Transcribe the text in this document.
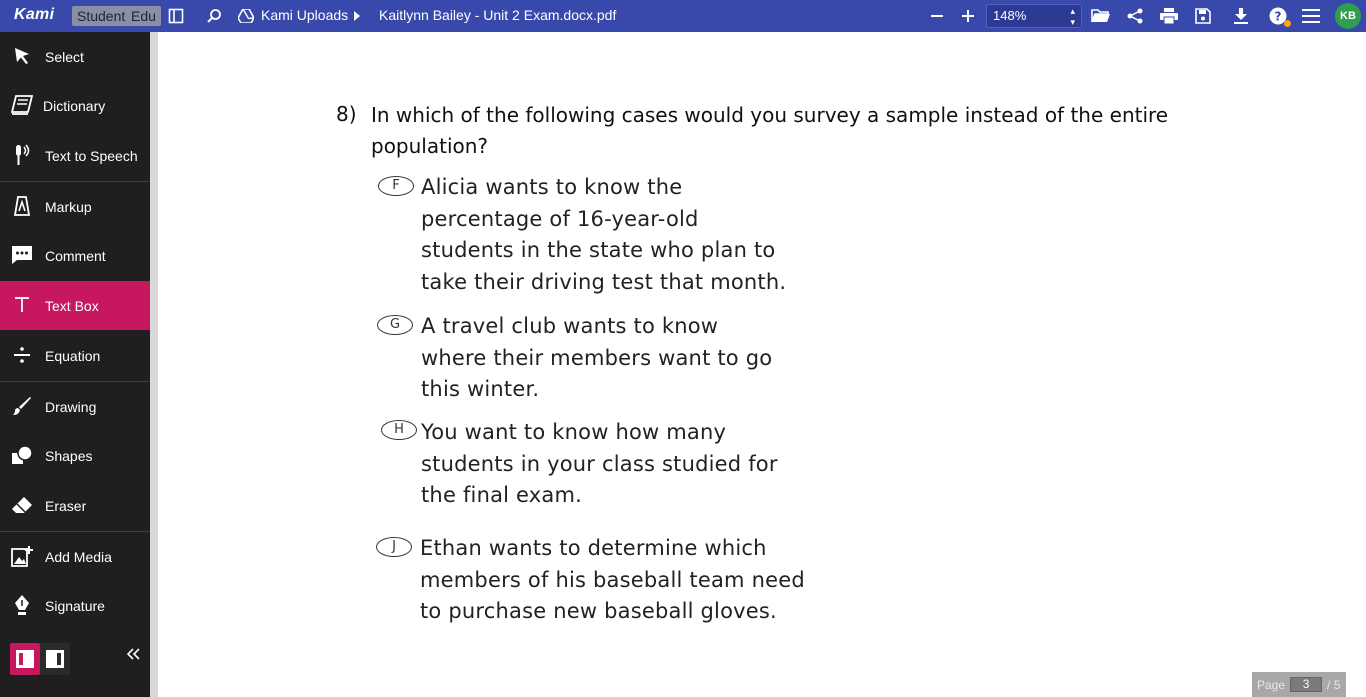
Kami	Student Edu	Kami Uploads Kaitlynn Bailey - Unit 2 Exam.docx.pdf	148%	▴
▾	?	KB
Select
Dictionary
Text to Speech
Markup
Comment
Text Box
Equation
Drawing
Shapes
Eraser
Add Media
Signature
8) In which of the following cases would you survey a sample instead of the entire
population?
F	Alicia wants to know the
percentage of 16-year-old
students in the state who plan to
take their driving test that month.
G A travel club wants to know
where their members want to go
this winter.
H You want to know how many
students in your class studied for
the final exam.
J	Ethan wants to determine which
members of his baseball team need
to purchase new baseball gloves.
Page	3	/ 5
